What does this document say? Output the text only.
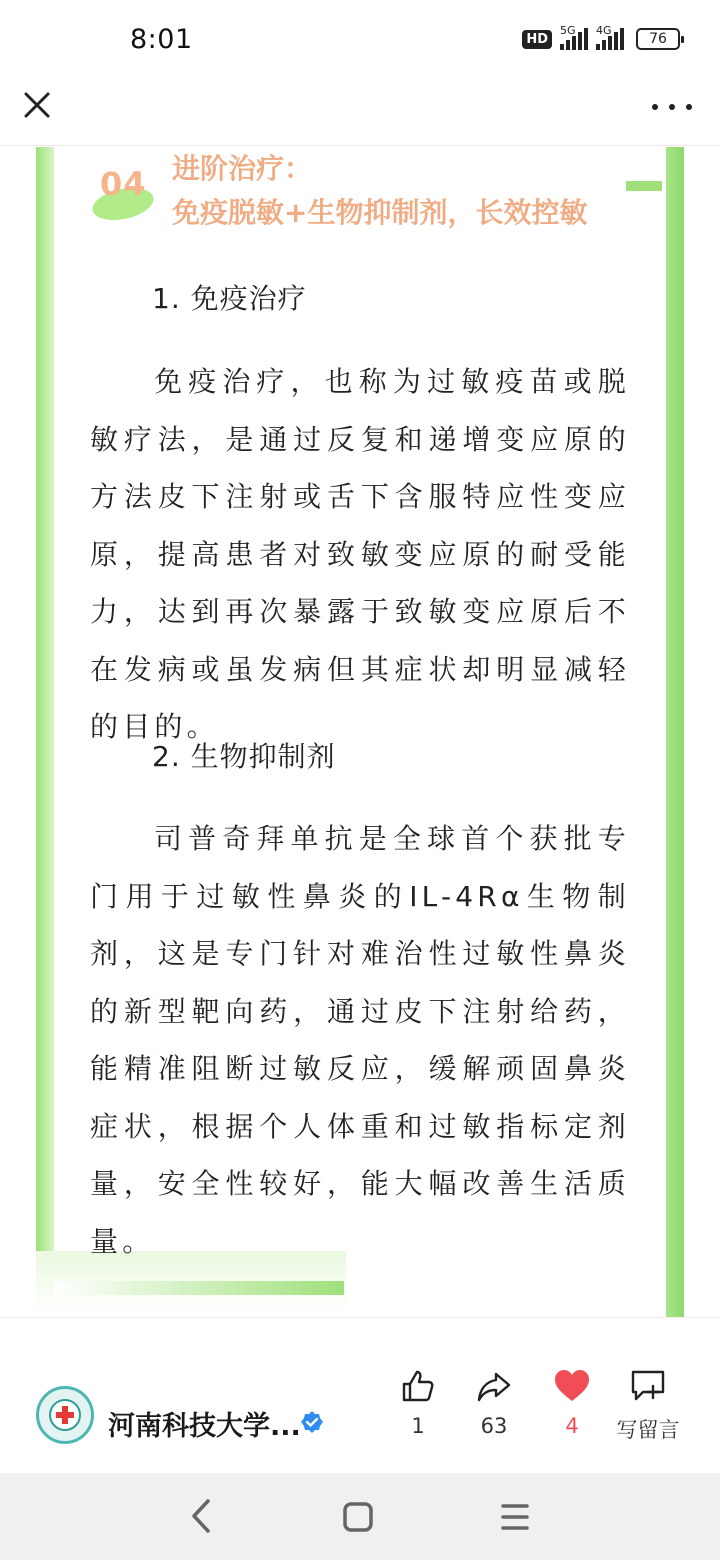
8:01	HD
5G 4G
76
04 进阶治疗：
免疫脱敏+生物抑制剂，长效控敏
1. 免疫治疗
免疫治疗，也称为过敏疫苗或脱敏疗法，是通过反复和递增变应原的方法皮下注射或舌下含服特应性变应原，提高患者对致敏变应原的耐受能力，达到再次暴露于致敏变应原后不在发病或虽发病但其症状却明显减轻的目的。
2. 生物抑制剂
司普奇拜单抗是全球首个获批专门用于过敏性鼻炎的IL-4Rα生物制剂，这是专门针对难治性过敏性鼻炎的新型靶向药，通过皮下注射给药，能精准阻断过敏反应，缓解顽固鼻炎症状，根据个人体重和过敏指标定剂量，安全性较好，能大幅改善生活质量。
河南科技大学...	1	63	4	写留言
